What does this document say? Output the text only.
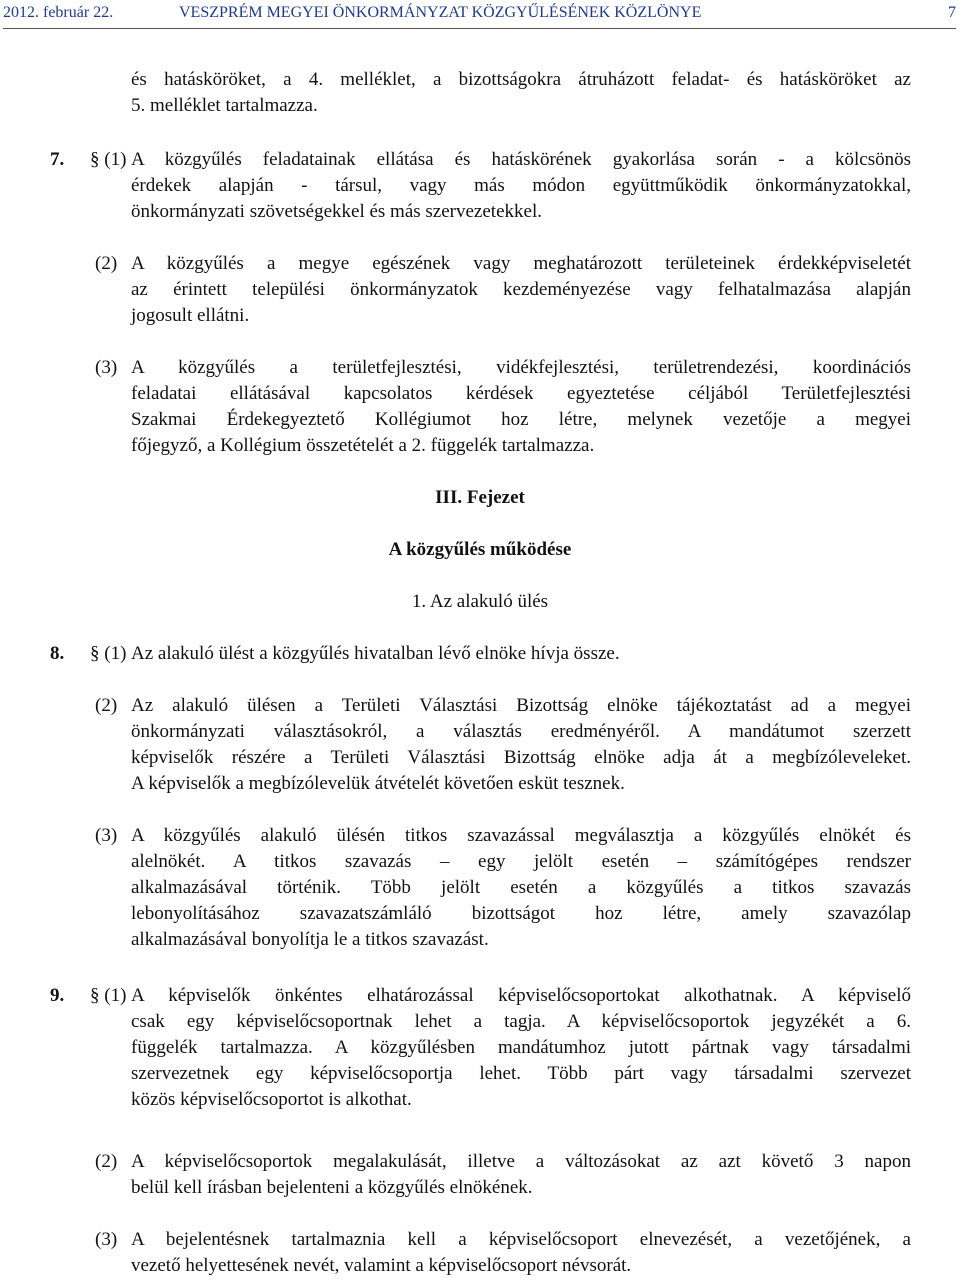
2012. február 22.	VESZPRÉM MEGYEI ÖNKORMÁNYZAT KÖZGYŰLÉSÉNEK KÖZLÖNYE	7
és hatásköröket, a 4. melléklet, a bizottságokra átruházott feladat- és hatásköröket az
5. melléklet tartalmazza.
7. § (1) A közgyűlés feladatainak ellátása és hatáskörének gyakorlása során - a kölcsönös
érdekek alapján - társul, vagy más módon együttműködik önkormányzatokkal,
önkormányzati szövetségekkel és más szervezetekkel.
(2) A közgyűlés a megye egészének vagy meghatározott területeinek érdekképviseletét
az érintett települési önkormányzatok kezdeményezése vagy felhatalmazása alapján
jogosult ellátni.
(3) A közgyűlés a területfejlesztési, vidékfejlesztési, területrendezési, koordinációs
feladatai ellátásával kapcsolatos kérdések egyeztetése céljából Területfejlesztési
Szakmai Érdekegyeztető Kollégiumot hoz létre, melynek vezetője a megyei
főjegyző, a Kollégium összetételét a 2. függelék tartalmazza.
III. Fejezet
A közgyűlés működése
1. Az alakuló ülés
8. § (1) Az alakuló ülést a közgyűlés hivatalban lévő elnöke hívja össze.
(2) Az alakuló ülésen a Területi Választási Bizottság elnöke tájékoztatást ad a megyei
önkormányzati választásokról, a választás eredményéről. A mandátumot szerzett
képviselők részére a Területi Választási Bizottság elnöke adja át a megbízóleveleket.
A képviselők a megbízólevelük átvételét követően esküt tesznek.
(3) A közgyűlés alakuló ülésén titkos szavazással megválasztja a közgyűlés elnökét és
alelnökét. A titkos szavazás – egy jelölt esetén – számítógépes rendszer
alkalmazásával történik. Több jelölt esetén a közgyűlés a titkos szavazás
lebonyolításához szavazatszámláló bizottságot hoz létre, amely szavazólap
alkalmazásával bonyolítja le a titkos szavazást.
9. § (1) A képviselők önkéntes elhatározással képviselőcsoportokat alkothatnak. A képviselő
csak egy képviselőcsoportnak lehet a tagja. A képviselőcsoportok jegyzékét a 6.
függelék tartalmazza. A közgyűlésben mandátumhoz jutott pártnak vagy társadalmi
szervezetnek egy képviselőcsoportja lehet. Több párt vagy társadalmi szervezet
közös képviselőcsoportot is alkothat.
(2) A képviselőcsoportok megalakulását, illetve a változásokat az azt követő 3 napon
belül kell írásban bejelenteni a közgyűlés elnökének.
(3) A bejelentésnek tartalmaznia kell a képviselőcsoport elnevezését, a vezetőjének, a
vezető helyettesének nevét, valamint a képviselőcsoport névsorát.
